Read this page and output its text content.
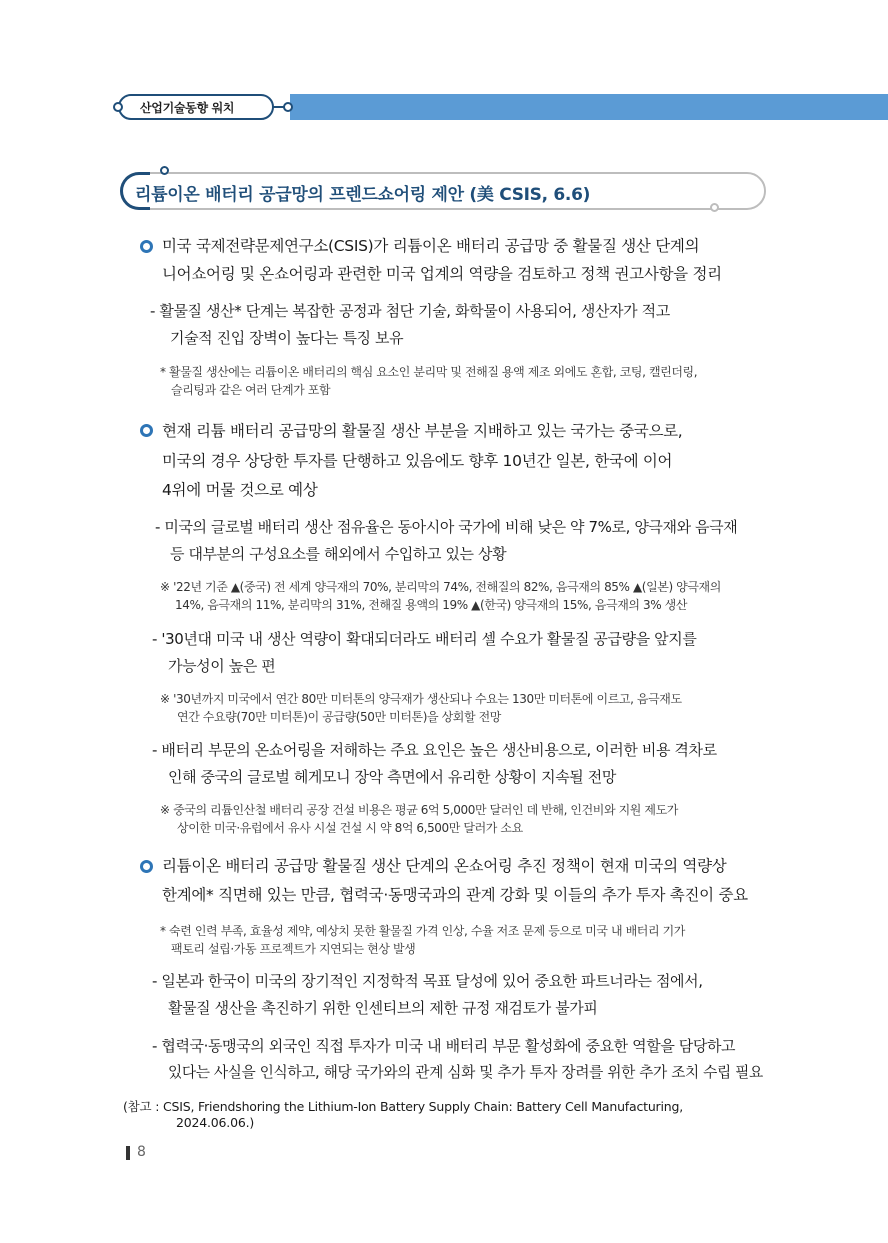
산업기술동향 워치
리튬이온 배터리 공급망의 프렌드쇼어링 제안 (美 CSIS, 6.6)
미국 국제전략문제연구소(CSIS)가 리튬이온 배터리 공급망 중 활물질 생산 단계의
니어쇼어링 및 온쇼어링과 관련한 미국 업계의 역량을 검토하고 정책 권고사항을 정리
- 활물질 생산* 단계는 복잡한 공정과 첨단 기술, 화학물이 사용되어, 생산자가 적고
기술적 진입 장벽이 높다는 특징 보유
* 활물질 생산에는 리튬이온 배터리의 핵심 요소인 분리막 및 전해질 용액 제조 외에도 혼합, 코팅, 캘린더링,
슬리팅과 같은 여러 단계가 포함
현재 리튬 배터리 공급망의 활물질 생산 부분을 지배하고 있는 국가는 중국으로,
미국의 경우 상당한 투자를 단행하고 있음에도 향후 10년간 일본, 한국에 이어
4위에 머물 것으로 예상
- 미국의 글로벌 배터리 생산 점유율은 동아시아 국가에 비해 낮은 약 7%로, 양극재와 음극재
등 대부분의 구성요소를 해외에서 수입하고 있는 상황
※ '22년 기준 ▲(중국) 전 세계 양극재의 70%, 분리막의 74%, 전해질의 82%, 음극재의 85% ▲(일본) 양극재의
14%, 음극재의 11%, 분리막의 31%, 전해질 용액의 19% ▲(한국) 양극재의 15%, 음극재의 3% 생산
- '30년대 미국 내 생산 역량이 확대되더라도 배터리 셀 수요가 활물질 공급량을 앞지를
가능성이 높은 편
※ '30년까지 미국에서 연간 80만 미터톤의 양극재가 생산되나 수요는 130만 미터톤에 이르고, 음극재도
연간 수요량(70만 미터톤)이 공급량(50만 미터톤)을 상회할 전망
- 배터리 부문의 온쇼어링을 저해하는 주요 요인은 높은 생산비용으로, 이러한 비용 격차로
인해 중국의 글로벌 헤게모니 장악 측면에서 유리한 상황이 지속될 전망
※ 중국의 리튬인산철 배터리 공장 건설 비용은 평균 6억 5,000만 달러인 데 반해, 인건비와 지원 제도가
상이한 미국·유럽에서 유사 시설 건설 시 약 8억 6,500만 달러가 소요
리튬이온 배터리 공급망 활물질 생산 단계의 온쇼어링 추진 정책이 현재 미국의 역량상
한계에* 직면해 있는 만큼, 협력국·동맹국과의 관계 강화 및 이들의 추가 투자 촉진이 중요
* 숙련 인력 부족, 효율성 제약, 예상치 못한 활물질 가격 인상, 수율 저조 문제 등으로 미국 내 배터리 기가
팩토리 설립·가동 프로젝트가 지연되는 현상 발생
- 일본과 한국이 미국의 장기적인 지정학적 목표 달성에 있어 중요한 파트너라는 점에서,
활물질 생산을 촉진하기 위한 인센티브의 제한 규정 재검토가 불가피
- 협력국·동맹국의 외국인 직접 투자가 미국 내 배터리 부문 활성화에 중요한 역할을 담당하고
있다는 사실을 인식하고, 해당 국가와의 관계 심화 및 추가 투자 장려를 위한 추가 조치 수립 필요
(참고 : CSIS, Friendshoring the Lithium-Ion Battery Supply Chain: Battery Cell Manufacturing,
2024.06.06.)
8
